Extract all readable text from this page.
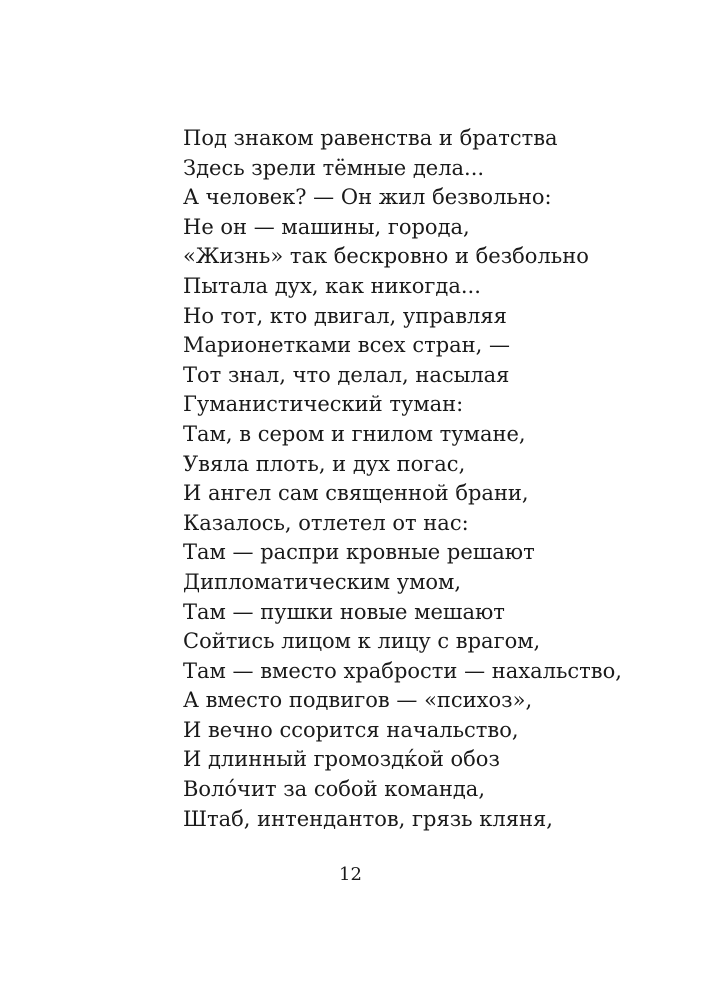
Под знаком равенства и братства
Здесь зрели тёмные дела...
А человек? — Он жил безвольно:
Не он — машины, города,
«Жизнь» так бескровно и безбольно
Пытала дух, как никогда...
Но тот, кто двигал, управляя
Марионетками всех стран, —
Тот знал, что делал, насылая
Гуманистический туман:
Там, в сером и гнилом тумане,
Увяла плоть, и дух погас,
И ангел сам священной брани,
Казалось, отлетел от нас:
Там — распри кровные решают
Дипломатическим умом,
Там — пушки новые мешают
Сойтись лицом к лицу с врагом,
Там — вместо храбрости — нахальство,
А вместо подвигов — «психоз»,
И вечно ссорится начальство,
И длинный громоздќой обоз
Волóчит за собой команда,
Штаб, интендантов, грязь кляня,
12
